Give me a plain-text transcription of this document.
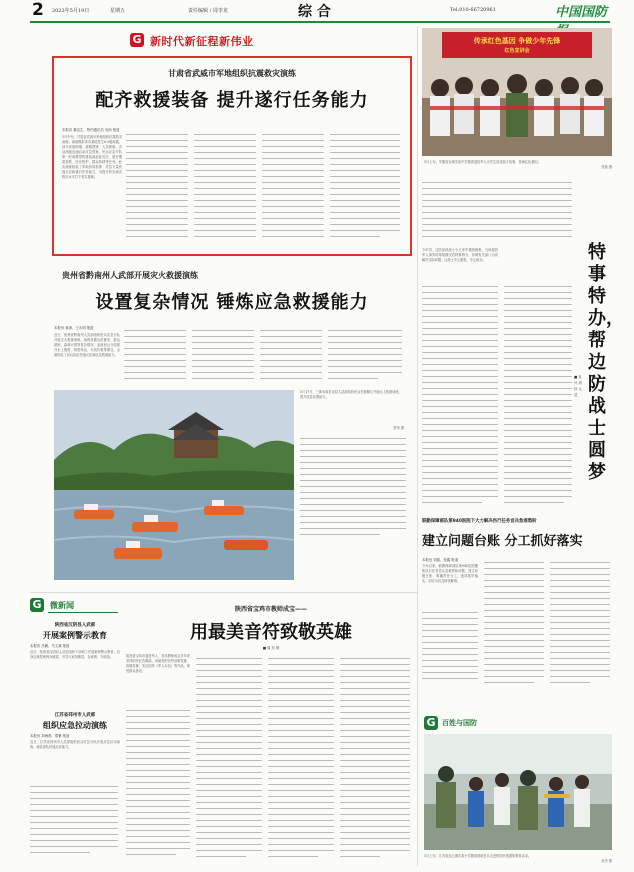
2 2023年5月19日	星期五	责任编辑 / 周李龙	综 合	Tel:010-66720961	中国国防
G 新时代新征程新伟业
甘肃省武威市军地组织抗震救灾演练
配齐救援装备 提升遂行任务能力
本报讯 董克生、特约通讯员 吴雨 报道
5月中旬，甘肃省武威市军地组织抗震救灾演练。演练模拟该市某地发生6.0级地震，部分房屋倒塌、道路损毁、人员被困，市县两级迅速启动应急预案，民兵应急分队第一时间携带救援装备赶赴灾区，展开搜索营救、医疗救护、群众转移等任务。此次演练检验了军地协同指挥、应急力量快速反应和遂行任务能力，为提升防灾减灾救灾水平打下坚实基础。
贵州省黔南州人武部开展灾火救援演练
设置复杂情况 锤炼应急救援能力
本报讯 蒋涛、王永明 报道
近日，贵州省黔南州人武部组织民兵应急分队开展灾火救援演练。演练设置山洪暴发、群众被困、森林火情等复杂情况，参演民兵分组展开水上搜救、物资转运、火线扑救等课目，全面检验了民兵队伍快速反应和应急救援能力。
5月17日，三都水族自治县人武部组织民兵在都柳江开展水上救援训练，提升应急处置能力。
蒙荣 摄
传承红色基因 争做少年先锋
红色宣讲会
5月上旬，安徽省宣城市某中学邀请退役军人为学生讲述战斗故事，传承红色基因。
张燕 摄
特事特办，帮边防战士圆梦
■ 吴 兴 河 孙 元 武
今年初，边防某部战士小王家中遇到困难，当地退役军人事务局得知情况后特事特办，协调有关部门为其解决实际问题，让战士安心服役、专心练兵。
联勤保障部队第940医院下大力解决伤行任务官兵急难愁盼
建立问题台账 分工抓好落实
本报讯 刘振、张鑫 报道
今年以来，联勤保障部队第940医院聚焦执行任务官兵急难愁盼问题，建立问题台账，明确责任分工，逐项抓好落实，切实为官兵排忧解难。
G	微新闻
陕西省汉阴县人武部
开展案例警示教育
本报讯 吕鹏、马文斌 报道
近日，陕西省汉阴县人武部组织干部职工开展案例警示教育，以身边典型案例为镜鉴，引导大家知敬畏、存戒惧、守底线。
江苏省邳州市人武部
组织应急拉动演练
本报讯 刘海燕、郑紫 报道
近日，江苏省邳州市人武部组织民兵应急分队开展应急拉动演练，检验部队快速反应能力。
陕西省宝鸡市教师成宝——
用最美音符致敬英雄
■ 周 东 坡
陕西省宝鸡市退役军人、音乐教师成宝多年来坚持创作红色歌曲，用最美的音符讴歌英雄、致敬英雄，先后创作《军人本色》等作品，深受群众喜爱。
G 百姓与国防
5月上旬，江苏省连云港市某小学邀请基地官兵走进校园开展国防教育活动。
孙杰 摄
